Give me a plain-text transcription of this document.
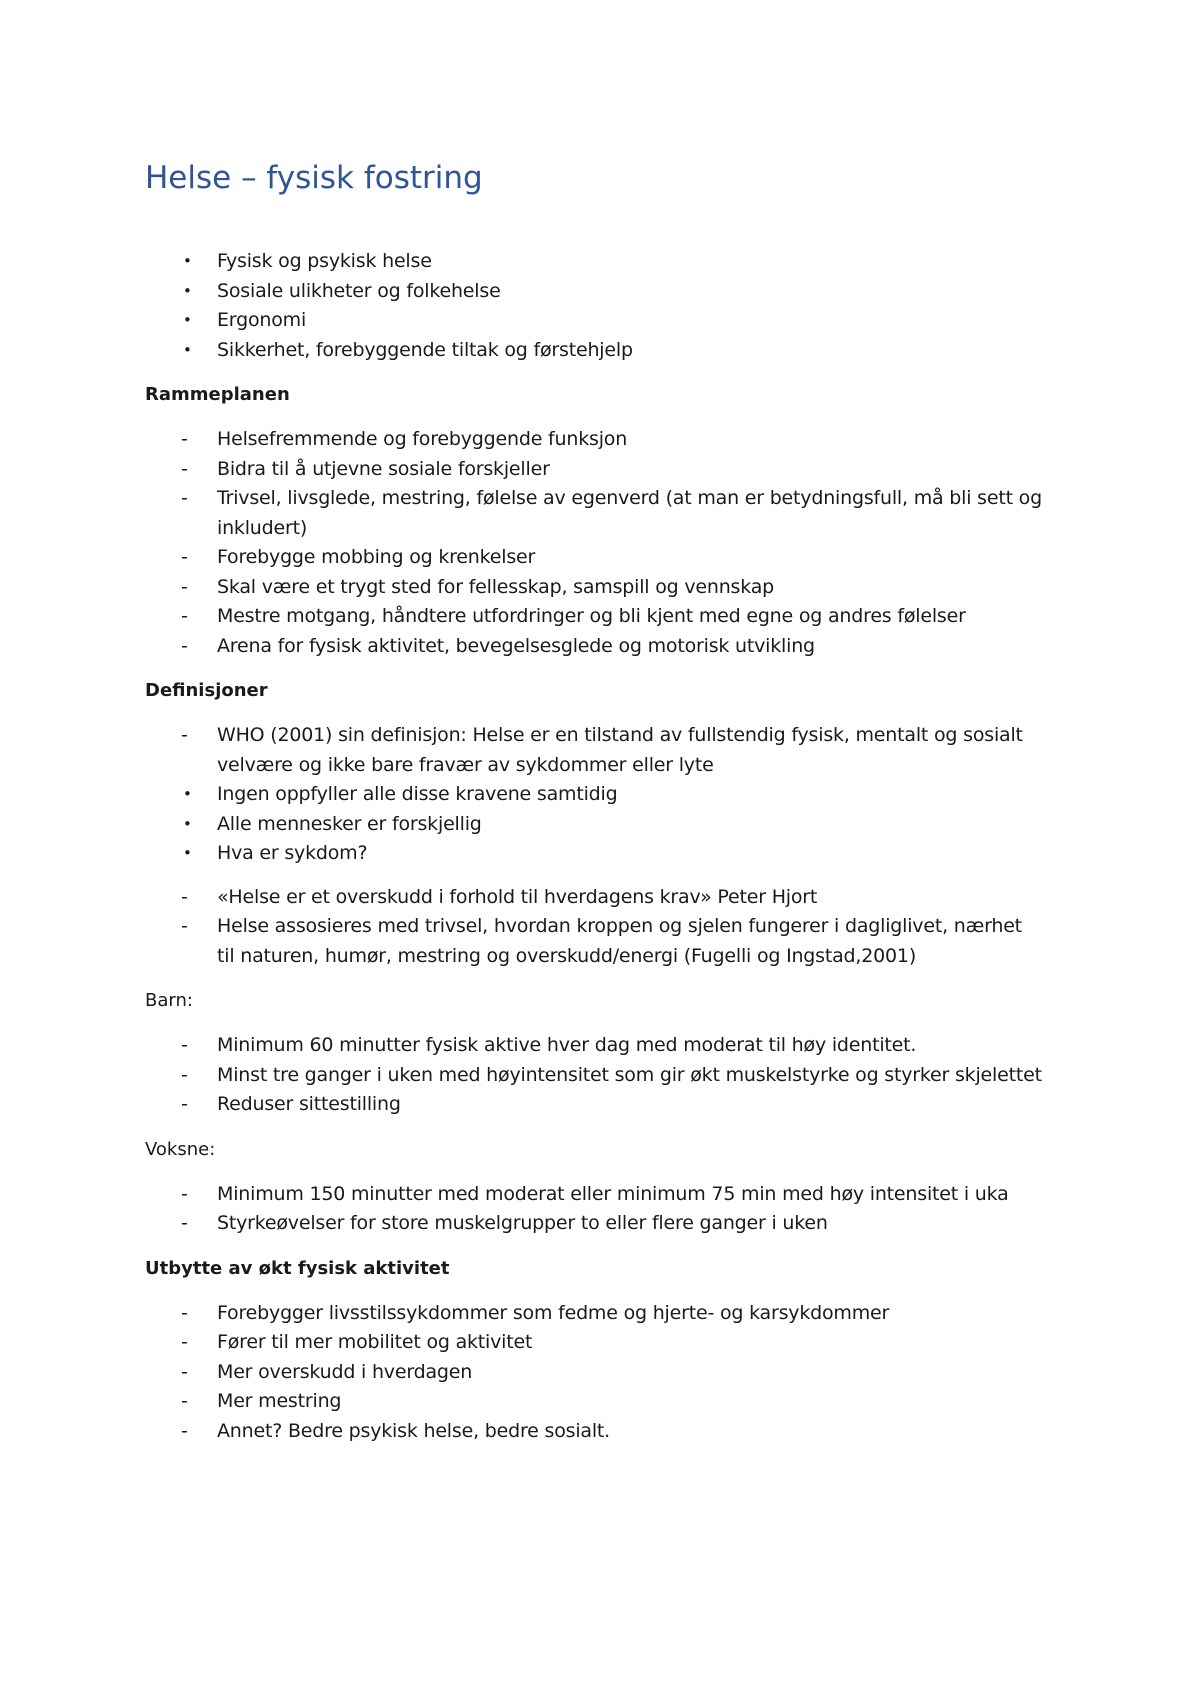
Helse – fysisk fostring
• Fysisk og psykisk helse
• Sosiale ulikheter og folkehelse
• Ergonomi
• Sikkerhet, forebyggende tiltak og førstehjelp
Rammeplanen
- Helsefremmende og forebyggende funksjon
- Bidra til å utjevne sosiale forskjeller
- Trivsel, livsglede, mestring, følelse av egenverd (at man er betydningsfull, må bli sett og inkludert)
- Forebygge mobbing og krenkelser
- Skal være et trygt sted for fellesskap, samspill og vennskap
- Mestre motgang, håndtere utfordringer og bli kjent med egne og andres følelser
- Arena for fysisk aktivitet, bevegelsesglede og motorisk utvikling
Definisjoner
- WHO (2001) sin definisjon: Helse er en tilstand av fullstendig fysisk, mentalt og sosialt velvære og ikke bare fravær av sykdommer eller lyte
• Ingen oppfyller alle disse kravene samtidig
• Alle mennesker er forskjellig
• Hva er sykdom?
- «Helse er et overskudd i forhold til hverdagens krav» Peter Hjort
- Helse assosieres med trivsel, hvordan kroppen og sjelen fungerer i dagliglivet, nærhet til naturen, humør, mestring og overskudd/energi (Fugelli og Ingstad,2001)
Barn:
- Minimum 60 minutter fysisk aktive hver dag med moderat til høy identitet.
- Minst tre ganger i uken med høyintensitet som gir økt muskelstyrke og styrker skjelettet
- Reduser sittestilling
Voksne:
- Minimum 150 minutter med moderat eller minimum 75 min med høy intensitet i uka
- Styrkeøvelser for store muskelgrupper to eller flere ganger i uken
Utbytte av økt fysisk aktivitet
- Forebygger livsstilssykdommer som fedme og hjerte- og karsykdommer
- Fører til mer mobilitet og aktivitet
- Mer overskudd i hverdagen
- Mer mestring
- Annet? Bedre psykisk helse, bedre sosialt.
